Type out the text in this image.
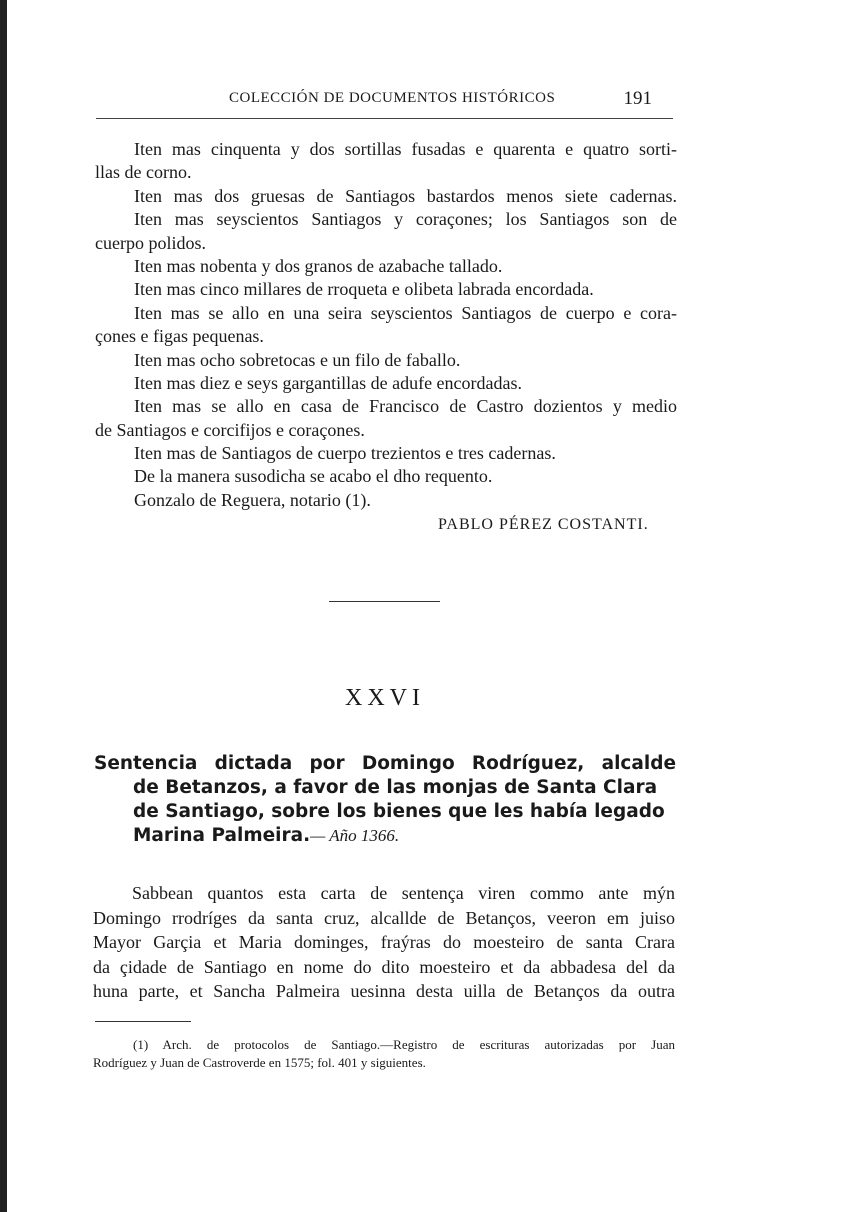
COLECCIÓN DE DOCUMENTOS HISTÓRICOS	191
Iten mas cinquenta y dos sortillas fusadas e quarenta e quatro sorti-
llas de corno.
Iten mas dos gruesas de Santiagos bastardos menos siete cadernas.
Iten mas seyscientos Santiagos y coraçones; los Santiagos son de
cuerpo polidos.
Iten mas nobenta y dos granos de azabache tallado.
Iten mas cinco millares de rroqueta e olibeta labrada encordada.
Iten mas se allo en una seira seyscientos Santiagos de cuerpo e cora-
çones e figas pequenas.
Iten mas ocho sobretocas e un filo de faballo.
Iten mas diez e seys gargantillas de adufe encordadas.
Iten mas se allo en casa de Francisco de Castro dozientos y medio
de Santiagos e corcifijos e coraçones.
Iten mas de Santiagos de cuerpo trezientos e tres cadernas.
De la manera susodicha se acabo el dho requento.
Gonzalo de Reguera, notario (1).
PABLO PÉREZ COSTANTI.
XXVI
Sentencia dictada por Domingo Rodríguez, alcalde
de Betanzos, a favor de las monjas de Santa Clara
de Santiago, sobre los bienes que les había legado
Marina Palmeira.— Año 1366.
Sabbean quantos esta carta de sentença viren commo ante mýn
Domingo rrodríges da santa cruz, alcallde de Betanços, veeron em juiso
Mayor Garçia et Maria dominges, fraýras do moesteiro de santa Crara
da çidade de Santiago en nome do dito moesteiro et da abbadesa del da
huna parte, et Sancha Palmeira uesinna desta uilla de Betanços da outra
(1) Arch. de protocolos de Santiago.—Registro de escrituras autorizadas por Juan
Rodríguez y Juan de Castroverde en 1575; fol. 401 y siguientes.
